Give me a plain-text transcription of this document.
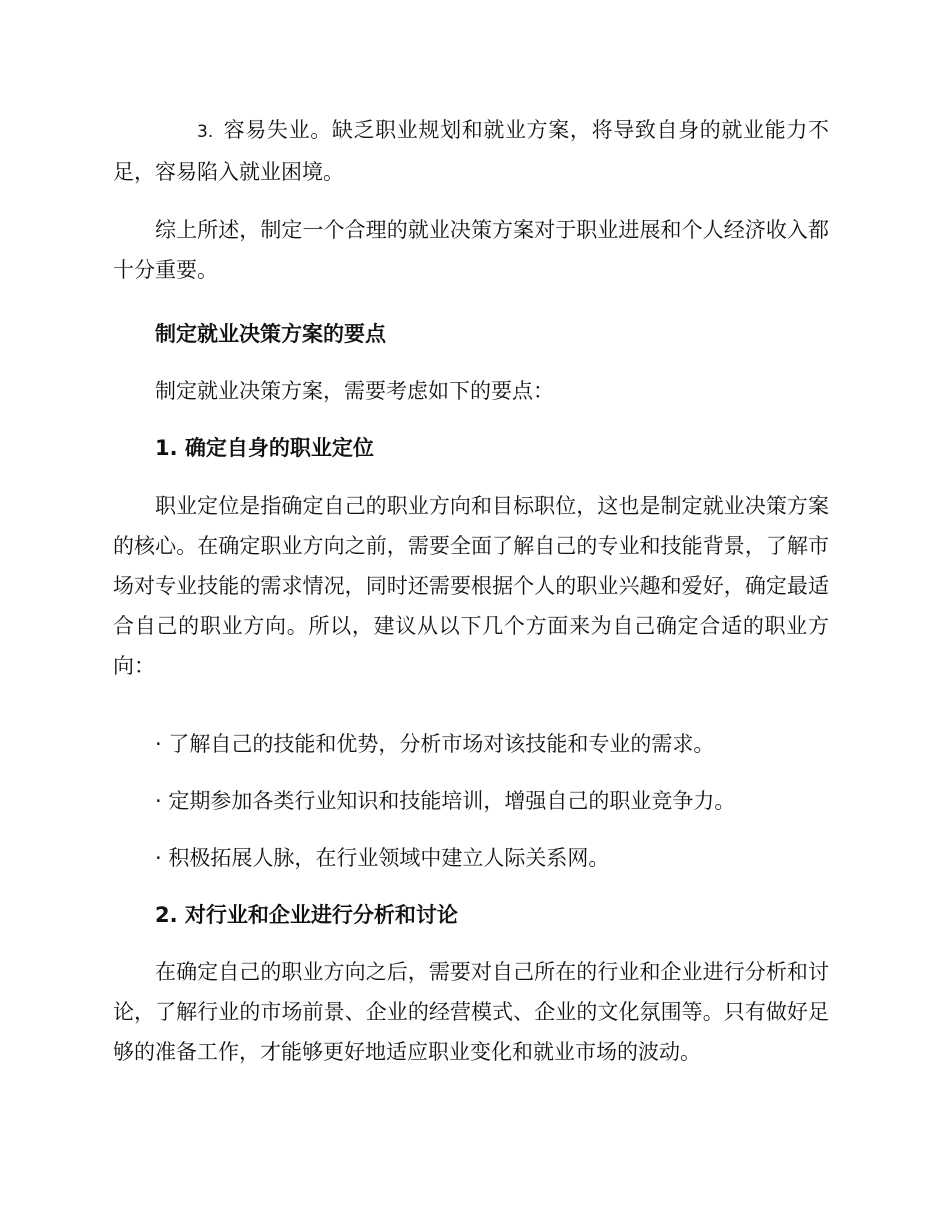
3. 容易失业。缺乏职业规划和就业方案，将导致自身的就业能力不足，容易陷入就业困境。

综上所述，制定一个合理的就业决策方案对于职业进展和个人经济收入都十分重要。

制定就业决策方案的要点

制定就业决策方案，需要考虑如下的要点：

1. 确定自身的职业定位

职业定位是指确定自己的职业方向和目标职位，这也是制定就业决策方案的核心。在确定职业方向之前，需要全面了解自己的专业和技能背景，了解市场对专业技能的需求情况，同时还需要根据个人的职业兴趣和爱好，确定最适合自己的职业方向。所以，建议从以下几个方面来为自己确定合适的职业方向：

· 了解自己的技能和优势，分析市场对该技能和专业的需求。

· 定期参加各类行业知识和技能培训，增强自己的职业竞争力。

· 积极拓展人脉，在行业领域中建立人际关系网。

2. 对行业和企业进行分析和讨论

在确定自己的职业方向之后，需要对自己所在的行业和企业进行分析和讨论，了解行业的市场前景、企业的经营模式、企业的文化氛围等。只有做好足够的准备工作，才能够更好地适应职业变化和就业市场的波动。
